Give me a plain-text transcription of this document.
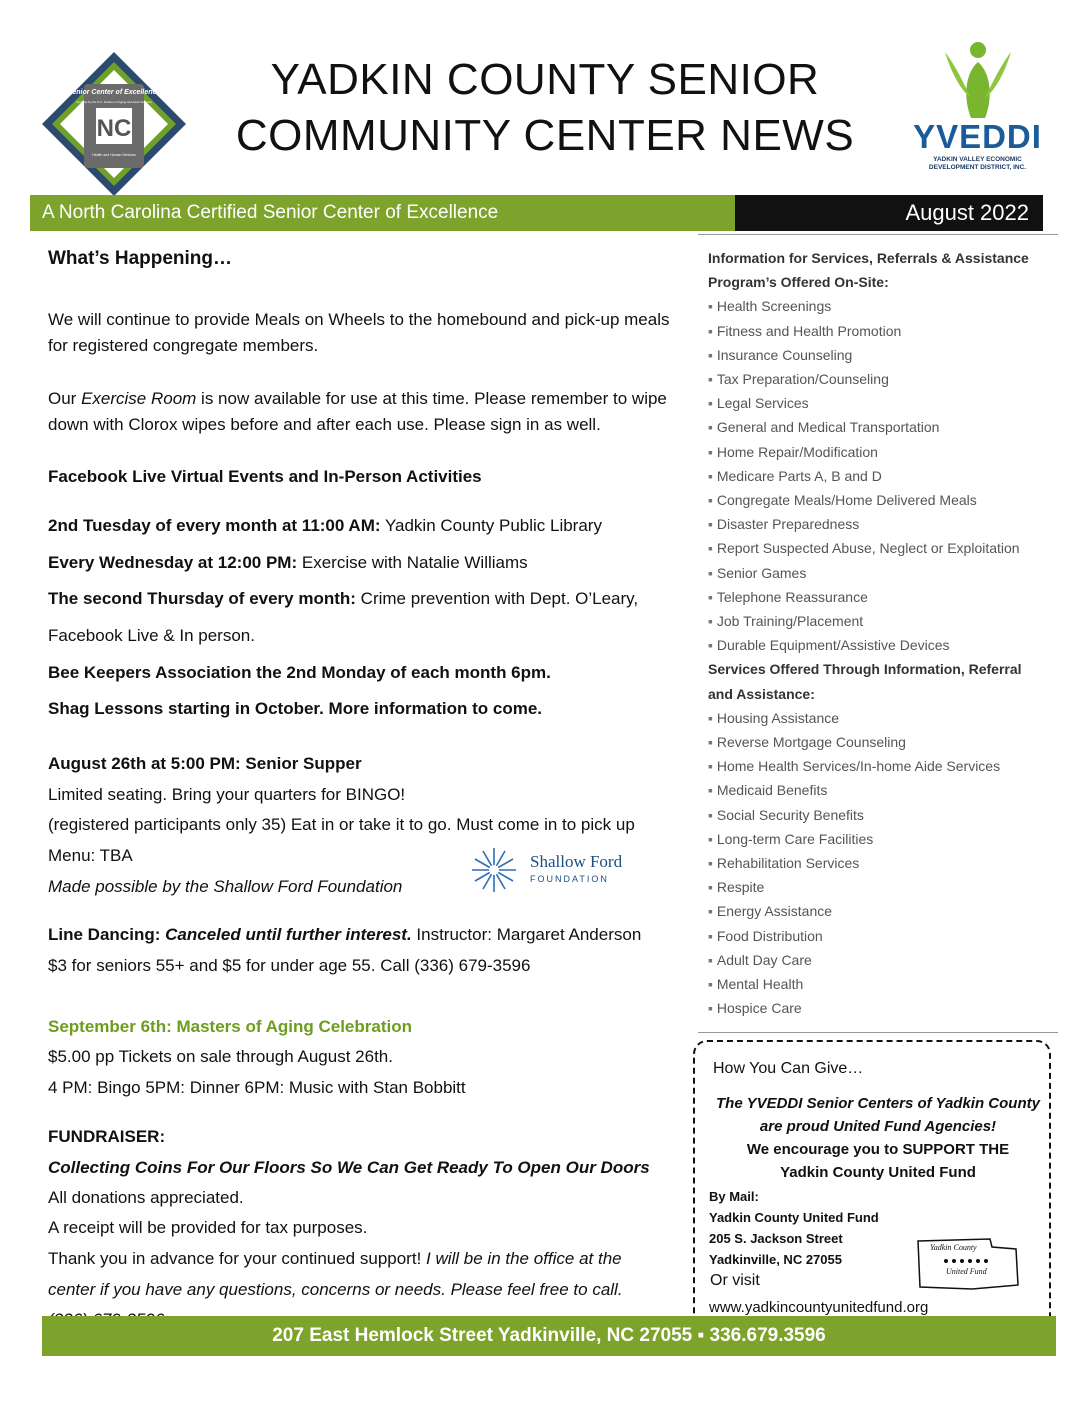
Senior Center of Excellence
Certified by the N.C. Division of Aging and Adult Services
NC
Health and Human Services
YADKIN COUNTY SENIOR
COMMUNITY CENTER NEWS	YVEDDI
YADKIN VALLEY ECONOMIC DEVELOPMENT DISTRICT, INC.
A North Carolina Certified Senior Center of Excellence	August 2022
What’s Happening…
We will continue to provide Meals on Wheels to the homebound and pick-up meals for registered congregate members.
Our Exercise Room is now available for use at this time. Please remember to wipe down with Clorox wipes before and after each use. Please sign in as well.
Facebook Live Virtual Events and In-Person Activities
2nd Tuesday of every month at 11:00 AM: Yadkin County Public Library
Every Wednesday at 12:00 PM: Exercise with Natalie Williams
The second Thursday of every month: Crime prevention with Dept. O’Leary,
Facebook Live & In person.
Bee Keepers Association the 2nd Monday of each month 6pm.
Shag Lessons starting in October. More information to come.
August 26th at 5:00 PM: Senior Supper
Limited seating. Bring your quarters for BINGO!
(registered participants only 35) Eat in or take it to go. Must come in to pick up
Menu: TBA
Made possible by the Shallow Ford Foundation
Shallow Ford
FOUNDATION
Line Dancing: Canceled until further interest. Instructor: Margaret Anderson
$3 for seniors 55+ and $5 for under age 55. Call (336) 679-3596
September 6th: Masters of Aging Celebration
$5.00 pp Tickets on sale through August 26th.
4 PM: Bingo 5PM: Dinner 6PM: Music with Stan Bobbitt
FUNDRAISER:
Collecting Coins For Our Floors So We Can Get Ready To Open Our Doors
All donations appreciated.
A receipt will be provided for tax purposes.
Thank you in advance for your continued support! I will be in the office at the
center if you have any questions, concerns or needs. Please feel free to call.
Information for Services, Referrals & Assistance
Program’s Offered On-Site:
▪ Health Screenings
▪ Fitness and Health Promotion
▪ Insurance Counseling
▪ Tax Preparation/Counseling
▪ Legal Services
▪ General and Medical Transportation
▪ Home Repair/Modification
▪ Medicare Parts A, B and D
▪ Congregate Meals/Home Delivered Meals
▪ Disaster Preparedness
▪ Report Suspected Abuse, Neglect or Exploitation
▪ Senior Games
▪ Telephone Reassurance
▪ Job Training/Placement
▪ Durable Equipment/Assistive Devices
Services Offered Through Information, Referral and Assistance:
▪ Housing Assistance
▪ Reverse Mortgage Counseling
▪ Home Health Services/In-home Aide Services
▪ Medicaid Benefits
▪ Social Security Benefits
▪ Long-term Care Facilities
▪ Rehabilitation Services
▪ Respite
▪ Energy Assistance
▪ Food Distribution
▪ Adult Day Care
▪ Mental Health
▪ Hospice Care
How You Can Give…
The YVEDDI Senior Centers of Yadkin County
are proud United Fund Agencies!
We encourage you to SUPPORT THE
Yadkin County United Fund
By Mail:
Yadkin County United Fund
205 S. Jackson Street
Yadkinville, NC 27055
Or visit
www.yadkincountyunitedfund.org
Yadkin County
United Fund
207 East Hemlock Street Yadkinville, NC 27055 ▪ 336.679.3596
